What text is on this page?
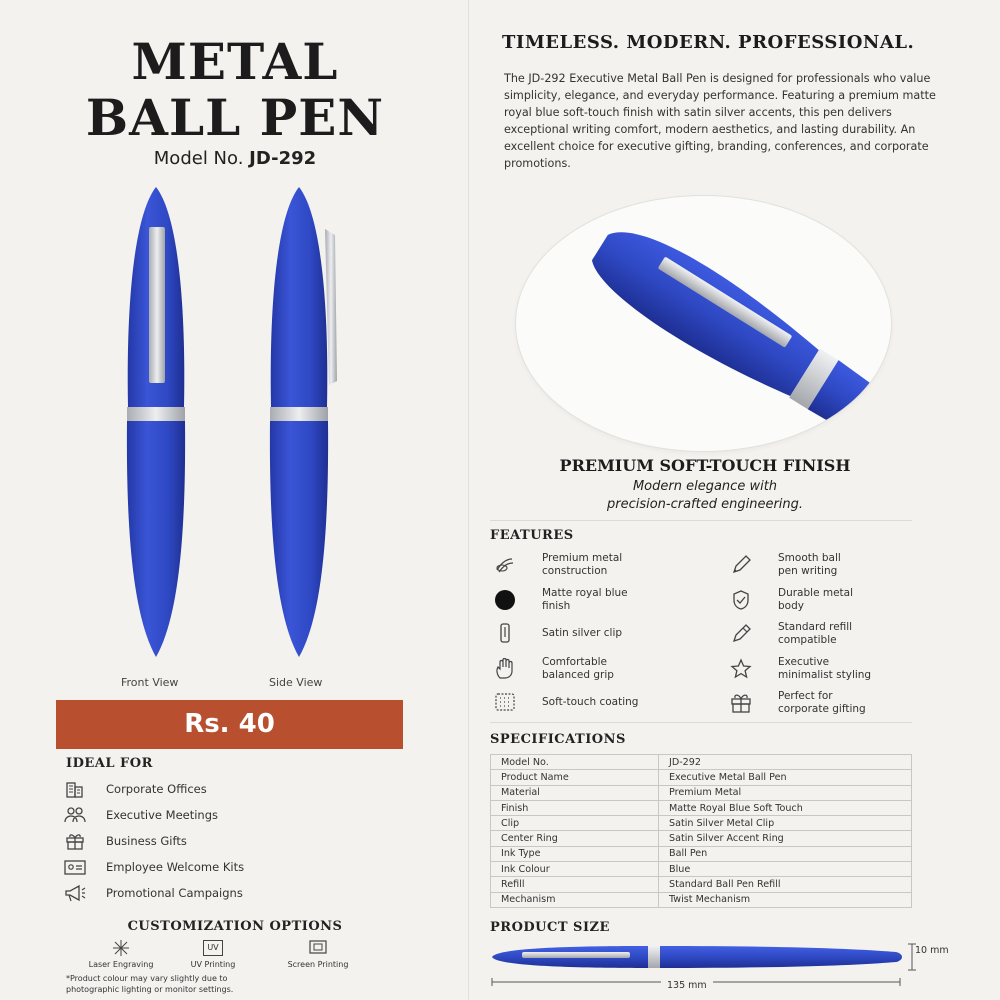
METAL
BALL PEN
Model No. JD-292
Front View	Side View
Rs. 40
IDEAL FOR
Corporate Offices
Executive Meetings
Business Gifts
Employee Welcome Kits
Promotional Campaigns
CUSTOMIZATION OPTIONS
Laser Engraving
UV
UV Printing	Screen Printing
*Product colour may vary slightly due to
photographic lighting or monitor settings.
TIMELESS. MODERN. PROFESSIONAL.
The JD-292 Executive Metal Ball Pen is designed for professionals who value simplicity, elegance, and everyday performance. Featuring a premium matte royal blue soft-touch finish with satin silver accents, this pen delivers exceptional writing comfort, modern aesthetics, and lasting durability. An excellent choice for executive gifting, branding, conferences, and corporate promotions.
PREMIUM SOFT-TOUCH FINISH
Modern elegance with
precision-crafted engineering.
FEATURES
Premium metal
construction
Matte royal blue
finish
Satin silver clip
Comfortable
balanced grip
Soft-touch coating
Smooth ball
pen writing
Durable metal
body
Standard refill
compatible
Executive
minimalist styling
Perfect for
corporate gifting
SPECIFICATIONS
Model No.	JD-292
Product Name	Executive Metal Ball Pen
Material	Premium Metal
Finish	Matte Royal Blue Soft Touch
Clip	Satin Silver Metal Clip
Center Ring	Satin Silver Accent Ring
Ink Type	Ball Pen
Ink Colour	Blue
Refill	Standard Ball Pen Refill
Mechanism	Twist Mechanism
PRODUCT SIZE
10 mm
135 mm
